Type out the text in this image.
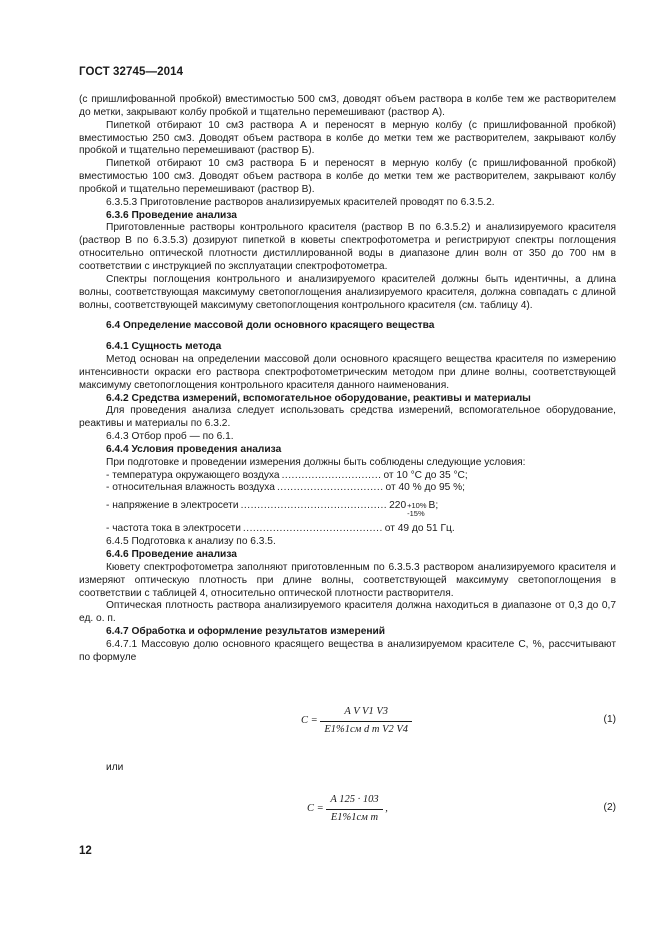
ГОСТ 32745—2014

(с пришлифованной пробкой) вместимостью 500 см3, доводят объем раствора в колбе тем же растворителем до метки, закрывают колбу пробкой и тщательно перемешивают (раствор А).

Пипеткой отбирают 10 см3 раствора А и переносят в мерную колбу (с пришлифованной пробкой) вместимостью 250 см3. Доводят объем раствора в колбе до метки тем же растворителем, закрывают колбу пробкой и тщательно перемешивают (раствор Б).

Пипеткой отбирают 10 см3 раствора Б и переносят в мерную колбу (с пришлифованной пробкой) вместимостью 100 см3. Доводят объем раствора в колбе до метки тем же растворителем, закрывают колбу пробкой и тщательно перемешивают (раствор В).

6.3.5.3 Приготовление растворов анализируемых красителей проводят по 6.3.5.2.

6.3.6 Проведение анализа

Приготовленные растворы контрольного красителя (раствор В по 6.3.5.2) и анализируемого красителя (раствор В по 6.3.5.3) дозируют пипеткой в кюветы спектрофотометра и регистрируют спектры поглощения относительно оптической плотности дистиллированной воды в диапазоне длин волн от 350 до 700 нм в соответствии с инструкцией по эксплуатации спектрофотометра.

Спектры поглощения контрольного и анализируемого красителей должны быть идентичны, а длина волны, соответствующая максимуму светопоглощения анализируемого красителя, должна совпадать с длиной волны, соответствующей максимуму светопоглощения контрольного красителя (см. таблицу 4).

6.4 Определение массовой доли основного красящего вещества

6.4.1 Сущность метода

Метод основан на определении массовой доли основного красящего вещества красителя по измерению интенсивности окраски его раствора спектрофотометрическим методом при длине волны, соответствующей максимуму светопоглощения контрольного красителя данного наименования.

6.4.2 Средства измерений, вспомогательное оборудование, реактивы и материалы

Для проведения анализа следует использовать средства измерений, вспомогательное оборудование, реактивы и материалы по 6.3.2.

6.4.3 Отбор проб — по 6.1.

6.4.4 Условия проведения анализа

При подготовке и проведении измерения должны быть соблюдены следующие условия:

- температура окружающего воздуха .............................. от 10 °С до 35 °С;

- относительная влажность воздуха ................................ от 40 % до 95 %;

- напряжение в электросети ............................................ 220 +10%
-15%
В;

- частота тока в электросети .......................................... от 49 до 51 Гц.

6.4.5 Подготовка к анализу по 6.3.5.

6.4.6 Проведение анализа

Кювету спектрофотометра заполняют приготовленным по 6.3.5.3 раствором анализируемого красителя и измеряют оптическую плотность при длине волны, соответствующей максимуму светопоглощения в соответствии с таблицей 4, относительно оптической плотности растворителя.

Оптическая плотность раствора анализируемого красителя должна находиться в диапазоне от 0,3 до 0,7 ед. о. п.

6.4.7 Обработка и оформление результатов измерений

6.4.7.1 Массовую долю основного красящего вещества в анализируемом красителе С, %, рассчитывают по формуле

$C = \frac{\text{A V V1 V3}}{\text{E1\%1см d m V2 V4}}$	(1)

или

$C = \frac{A 125 \cdot 103}{\text{E1\%1см m}}$ ,	(2)
12
